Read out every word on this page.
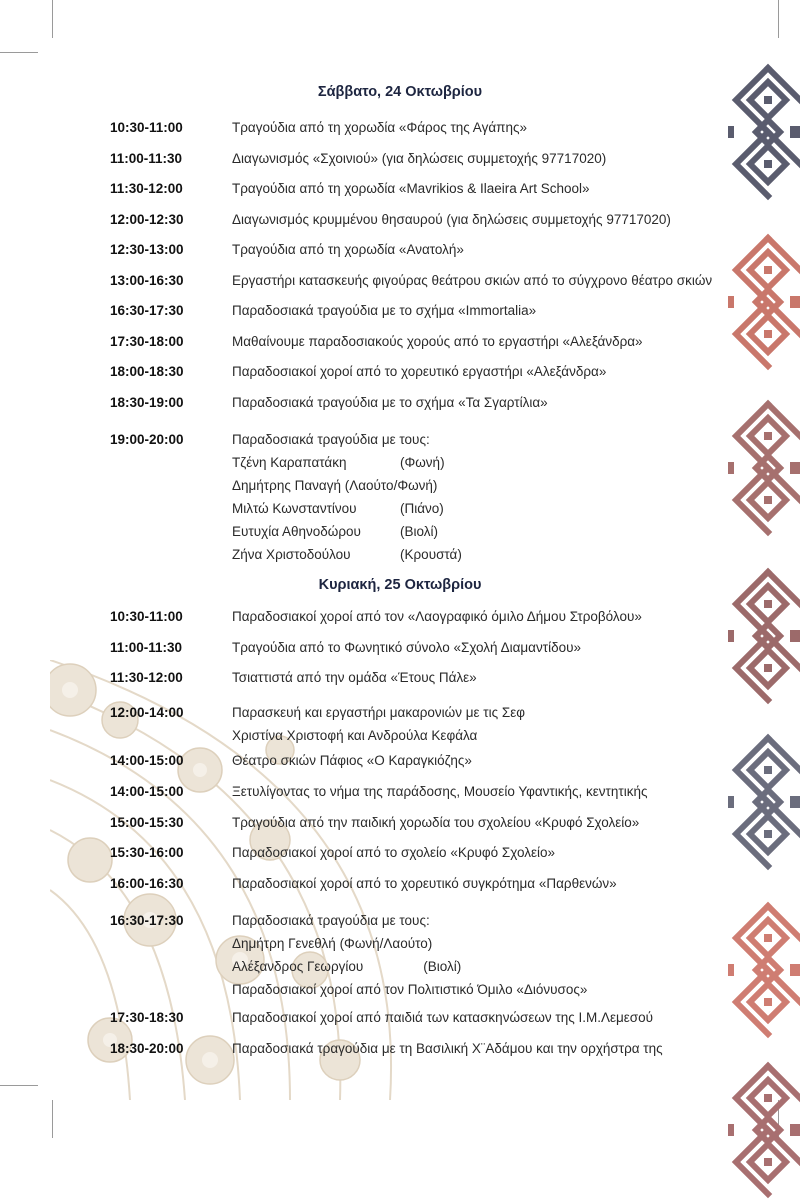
Σάββατο, 24 Οκτωβρίου
10:30-11:00	Τραγούδια από τη χορωδία «Φάρος της Αγάπης»
11:00-11:30	Διαγωνισμός «Σχοινιού» (για δηλώσεις συμμετοχής 97717020)
11:30-12:00	Τραγούδια από τη χορωδία «Mavrikios & Ilaeira Art School»
12:00-12:30	Διαγωνισμός κρυμμένου θησαυρού (για δηλώσεις συμμετοχής 97717020)
12:30-13:00	Τραγούδια από τη χορωδία «Ανατολή»
13:00-16:30	Εργαστήρι κατασκευής φιγούρας θεάτρου σκιών από το σύγχρονο θέατρο σκιών
16:30-17:30	Παραδοσιακά τραγούδια με το σχήμα «Immortalia»
17:30-18:00	Μαθαίνουμε παραδοσιακούς χορούς από το εργαστήρι «Αλεξάνδρα»
18:00-18:30	Παραδοσιακοί χοροί από το χορευτικό εργαστήρι «Αλεξάνδρα»
18:30-19:00	Παραδοσιακά τραγούδια με το σχήμα «Τα Σγαρτίλια»
19:00-20:00	Παραδοσιακά τραγούδια με τους:
Τζένη Καραπατάκη	(Φωνή)
Δημήτρης Παναγή (Λαούτο/Φωνή)
Μιλτώ Κωνσταντίνου	(Πιάνο)
Ευτυχία Αθηνοδώρου	(Βιολί)
Ζήνα Χριστοδούλου	(Κρουστά)
Κυριακή, 25 Οκτωβρίου
10:30-11:00	Παραδοσιακοί χοροί από τον «Λαογραφικό όμιλο Δήμου Στροβόλου»
11:00-11:30	Τραγούδια από το Φωνητικό σύνολο «Σχολή Διαμαντίδου»
11:30-12:00	Τσιαττιστά από την ομάδα «Έτους Πάλε»
12:00-14:00	Παρασκευή και εργαστήρι μακαρονιών με τις Σεφ
Χριστίνα Χριστοφή και Ανδρούλα Κεφάλα
14:00-15:00	Θέατρο σκιών Πάφιος «Ο Καραγκιόζης»
14:00-15:00	Ξετυλίγοντας το νήμα της παράδοσης, Μουσείο Υφαντικής, κεντητικής
15:00-15:30	Τραγούδια από την παιδική χορωδία του σχολείου «Κρυφό Σχολείο»
15:30-16:00	Παραδοσιακοί χοροί από το σχολείο «Κρυφό Σχολείο»
16:00-16:30	Παραδοσιακοί χοροί από το χορευτικό συγκρότημα «Παρθενών»
16:30-17:30	Παραδοσιακά τραγούδια με τους:
Δημήτρη Γενεθλή (Φωνή/Λαούτο)
Αλέξανδρος Γεωργίου                (Βιολί)
Παραδοσιακοί χοροί από τον Πολιτιστικό Όμιλο «Διόνυσος»
17:30-18:30	Παραδοσιακοί χοροί από παιδιά των κατασκηνώσεων της Ι.Μ.Λεμεσού
18:30-20:00	Παραδοσιακά τραγούδια με τη Βασιλική Χ¨Αδάμου και την ορχήστρα της
